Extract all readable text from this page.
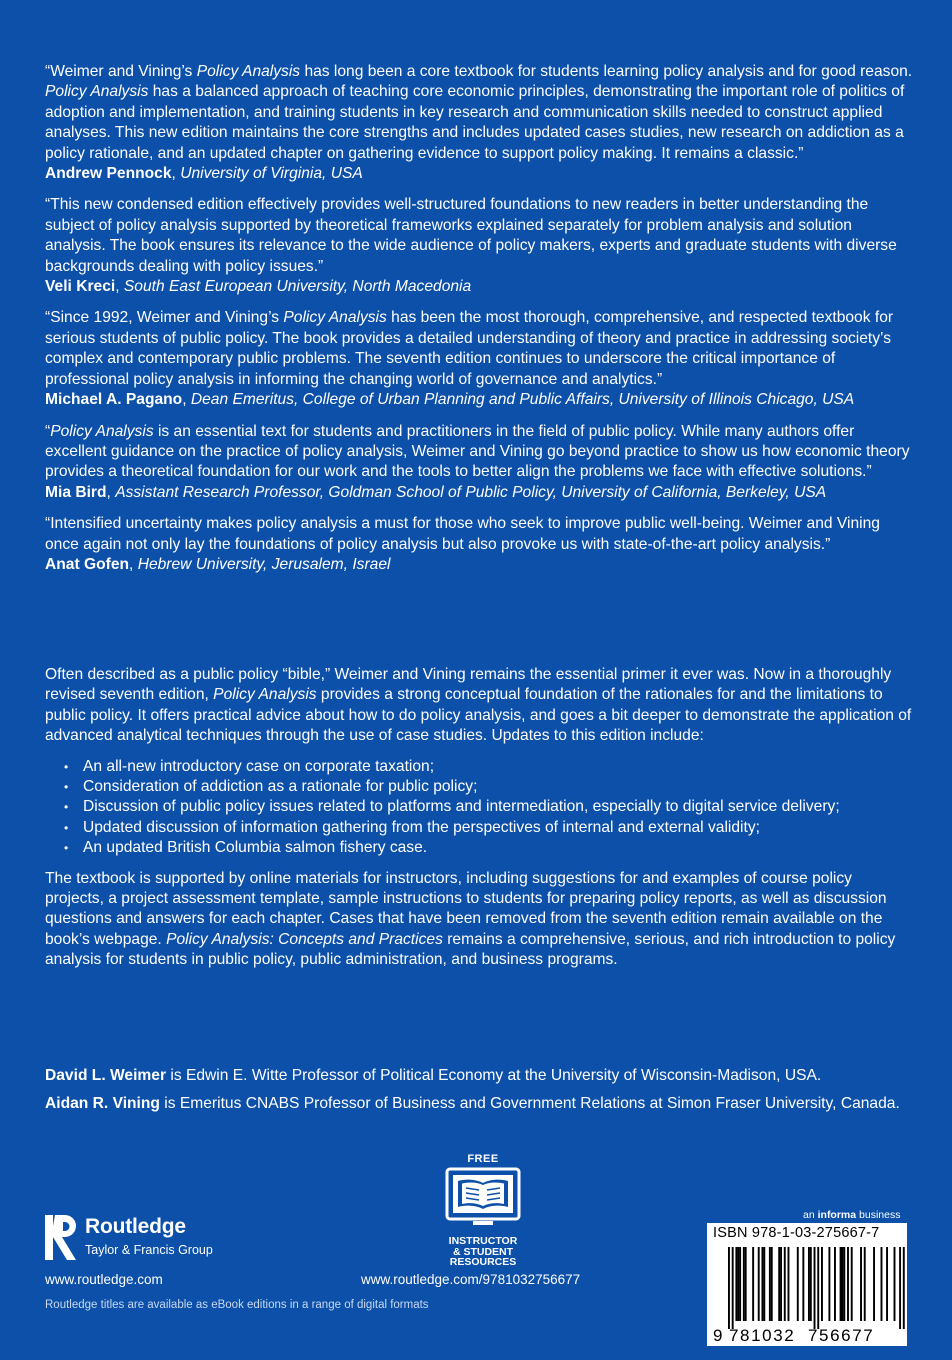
“Weimer and Vining’s Policy Analysis has long been a core textbook for students learning policy analysis and for good reason. Policy Analysis has a balanced approach of teaching core economic principles, demonstrating the important role of politics of adoption and implementation, and training students in key research and communication skills needed to construct applied analyses. This new edition maintains the core strengths and includes updated cases studies, new research on addiction as a policy rationale, and an updated chapter on gathering evidence to support policy making. It remains a classic.”

Andrew Pennock, University of Virginia, USA

“This new condensed edition effectively provides well-structured foundations to new readers in better understanding the subject of policy analysis supported by theoretical frameworks explained separately for problem analysis and solution analysis. The book ensures its relevance to the wide audience of policy makers, experts and graduate students with diverse backgrounds dealing with policy issues.”

Veli Kreci, South East European University, North Macedonia

“Since 1992, Weimer and Vining’s Policy Analysis has been the most thorough, comprehensive, and respected textbook for serious students of public policy. The book provides a detailed understanding of theory and practice in addressing society’s complex and contemporary public problems. The seventh edition continues to underscore the critical importance of professional policy analysis in informing the changing world of governance and analytics.”

Michael A. Pagano, Dean Emeritus, College of Urban Planning and Public Affairs, University of Illinois Chicago, USA

“Policy Analysis is an essential text for students and practitioners in the field of public policy. While many authors offer excellent guidance on the practice of policy analysis, Weimer and Vining go beyond practice to show us how economic theory provides a theoretical foundation for our work and the tools to better align the problems we face with effective solutions.”

Mia Bird, Assistant Research Professor, Goldman School of Public Policy, University of California, Berkeley, USA

“Intensified uncertainty makes policy analysis a must for those who seek to improve public well-being. Weimer and Vining once again not only lay the foundations of policy analysis but also provoke us with state-of-the-art policy analysis.”

Anat Gofen, Hebrew University, Jerusalem, Israel

Often described as a public policy “bible,” Weimer and Vining remains the essential primer it ever was. Now in a thoroughly revised seventh edition, Policy Analysis provides a strong conceptual foundation of the rationales for and the limitations to public policy. It offers practical advice about how to do policy analysis, and goes a bit deeper to demonstrate the application of advanced analytical techniques through the use of case studies. Updates to this edition include:

• An all-new introductory case on corporate taxation;
• Consideration of addiction as a rationale for public policy;
• Discussion of public policy issues related to platforms and intermediation, especially to digital service delivery;
• Updated discussion of information gathering from the perspectives of internal and external validity;
• An updated British Columbia salmon fishery case.

The textbook is supported by online materials for instructors, including suggestions for and examples of course policy projects, a project assessment template, sample instructions to students for preparing policy reports, as well as discussion questions and answers for each chapter. Cases that have been removed from the seventh edition remain available on the book’s webpage. Policy Analysis: Concepts and Practices remains a comprehensive, serious, and rich introduction to policy analysis for students in public policy, public administration, and business programs.

David L. Weimer is Edwin E. Witte Professor of Political Economy at the University of Wisconsin-Madison, USA.

Aidan R. Vining is Emeritus CNABS Professor of Business and Government Relations at Simon Fraser University, Canada.

Routledge
Taylor & Francis Group
www.routledge.com
Routledge titles are available as eBook editions in a range of digital formats
FREE
INSTRUCTOR
& STUDENT
RESOURCES
www.routledge.com/9781032756677
an informa business
ISBN 978-1-03-275667-7
9 781032 756677
